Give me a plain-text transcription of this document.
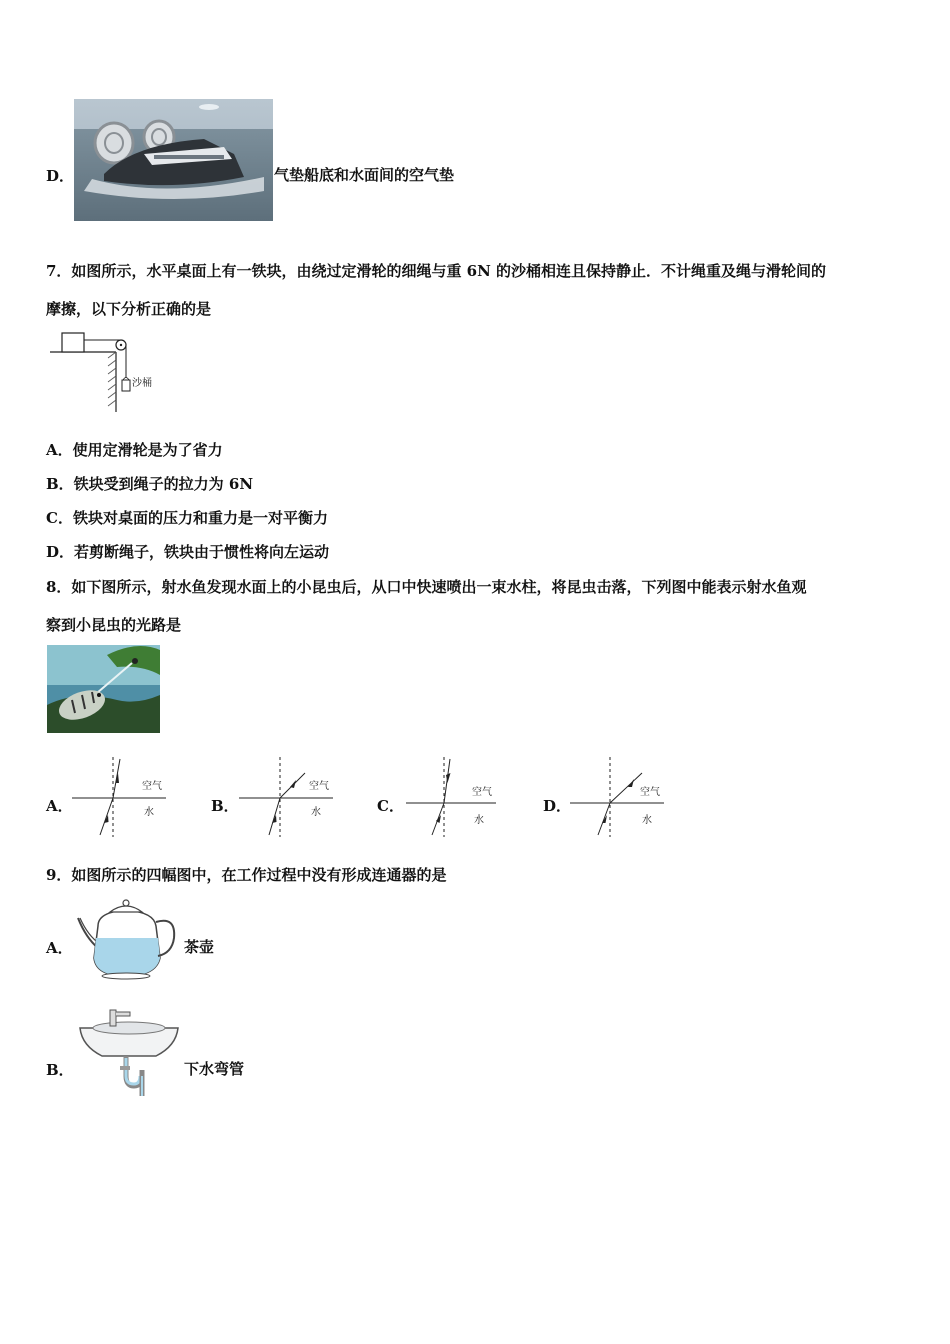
D．	气垫船底和水面间的空气垫
7．如图所示，水平桌面上有一铁块，由绕过定滑轮的细绳与重 6N 的沙桶相连且保持静止．不计绳重及绳与滑轮间的
摩擦，以下分析正确的是
沙桶
A．使用定滑轮是为了省力
B．铁块受到绳子的拉力为 6N
C．铁块对桌面的压力和重力是一对平衡力
D．若剪断绳子，铁块由于惯性将向左运动
8．如下图所示，射水鱼发现水面上的小昆虫后，从口中快速喷出一束水柱，将昆虫击落，下列图中能表示射水鱼观
察到小昆虫的光路是
A．
空气
水	B．
空气
水	C．
空气
水
D．
空气
水
9．如图所示的四幅图中，在工作过程中没有形成连通器的是
A．	茶壶
B．	下水弯管
